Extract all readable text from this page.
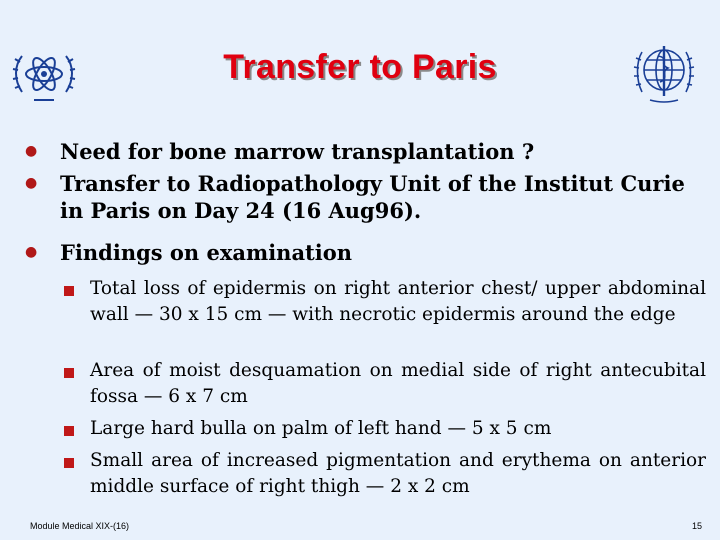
Transfer to Paris
● Need for bone marrow transplantation ?
● Transfer to Radiopathology Unit of the Institut Curie in Paris on Day 24 (16 Aug96).
● Findings on examination
Total loss of epidermis on right anterior chest/ upper abdominal wall — 30 x 15 cm — with necrotic epidermis around the edge
Area of moist desquamation on medial side of right antecubital fossa — 6 x 7 cm
Large hard bulla on palm of left hand — 5 x 5 cm
Small area of increased pigmentation and erythema on anterior middle surface of right thigh — 2 x 2 cm
Module Medical XIX-(16)	15
